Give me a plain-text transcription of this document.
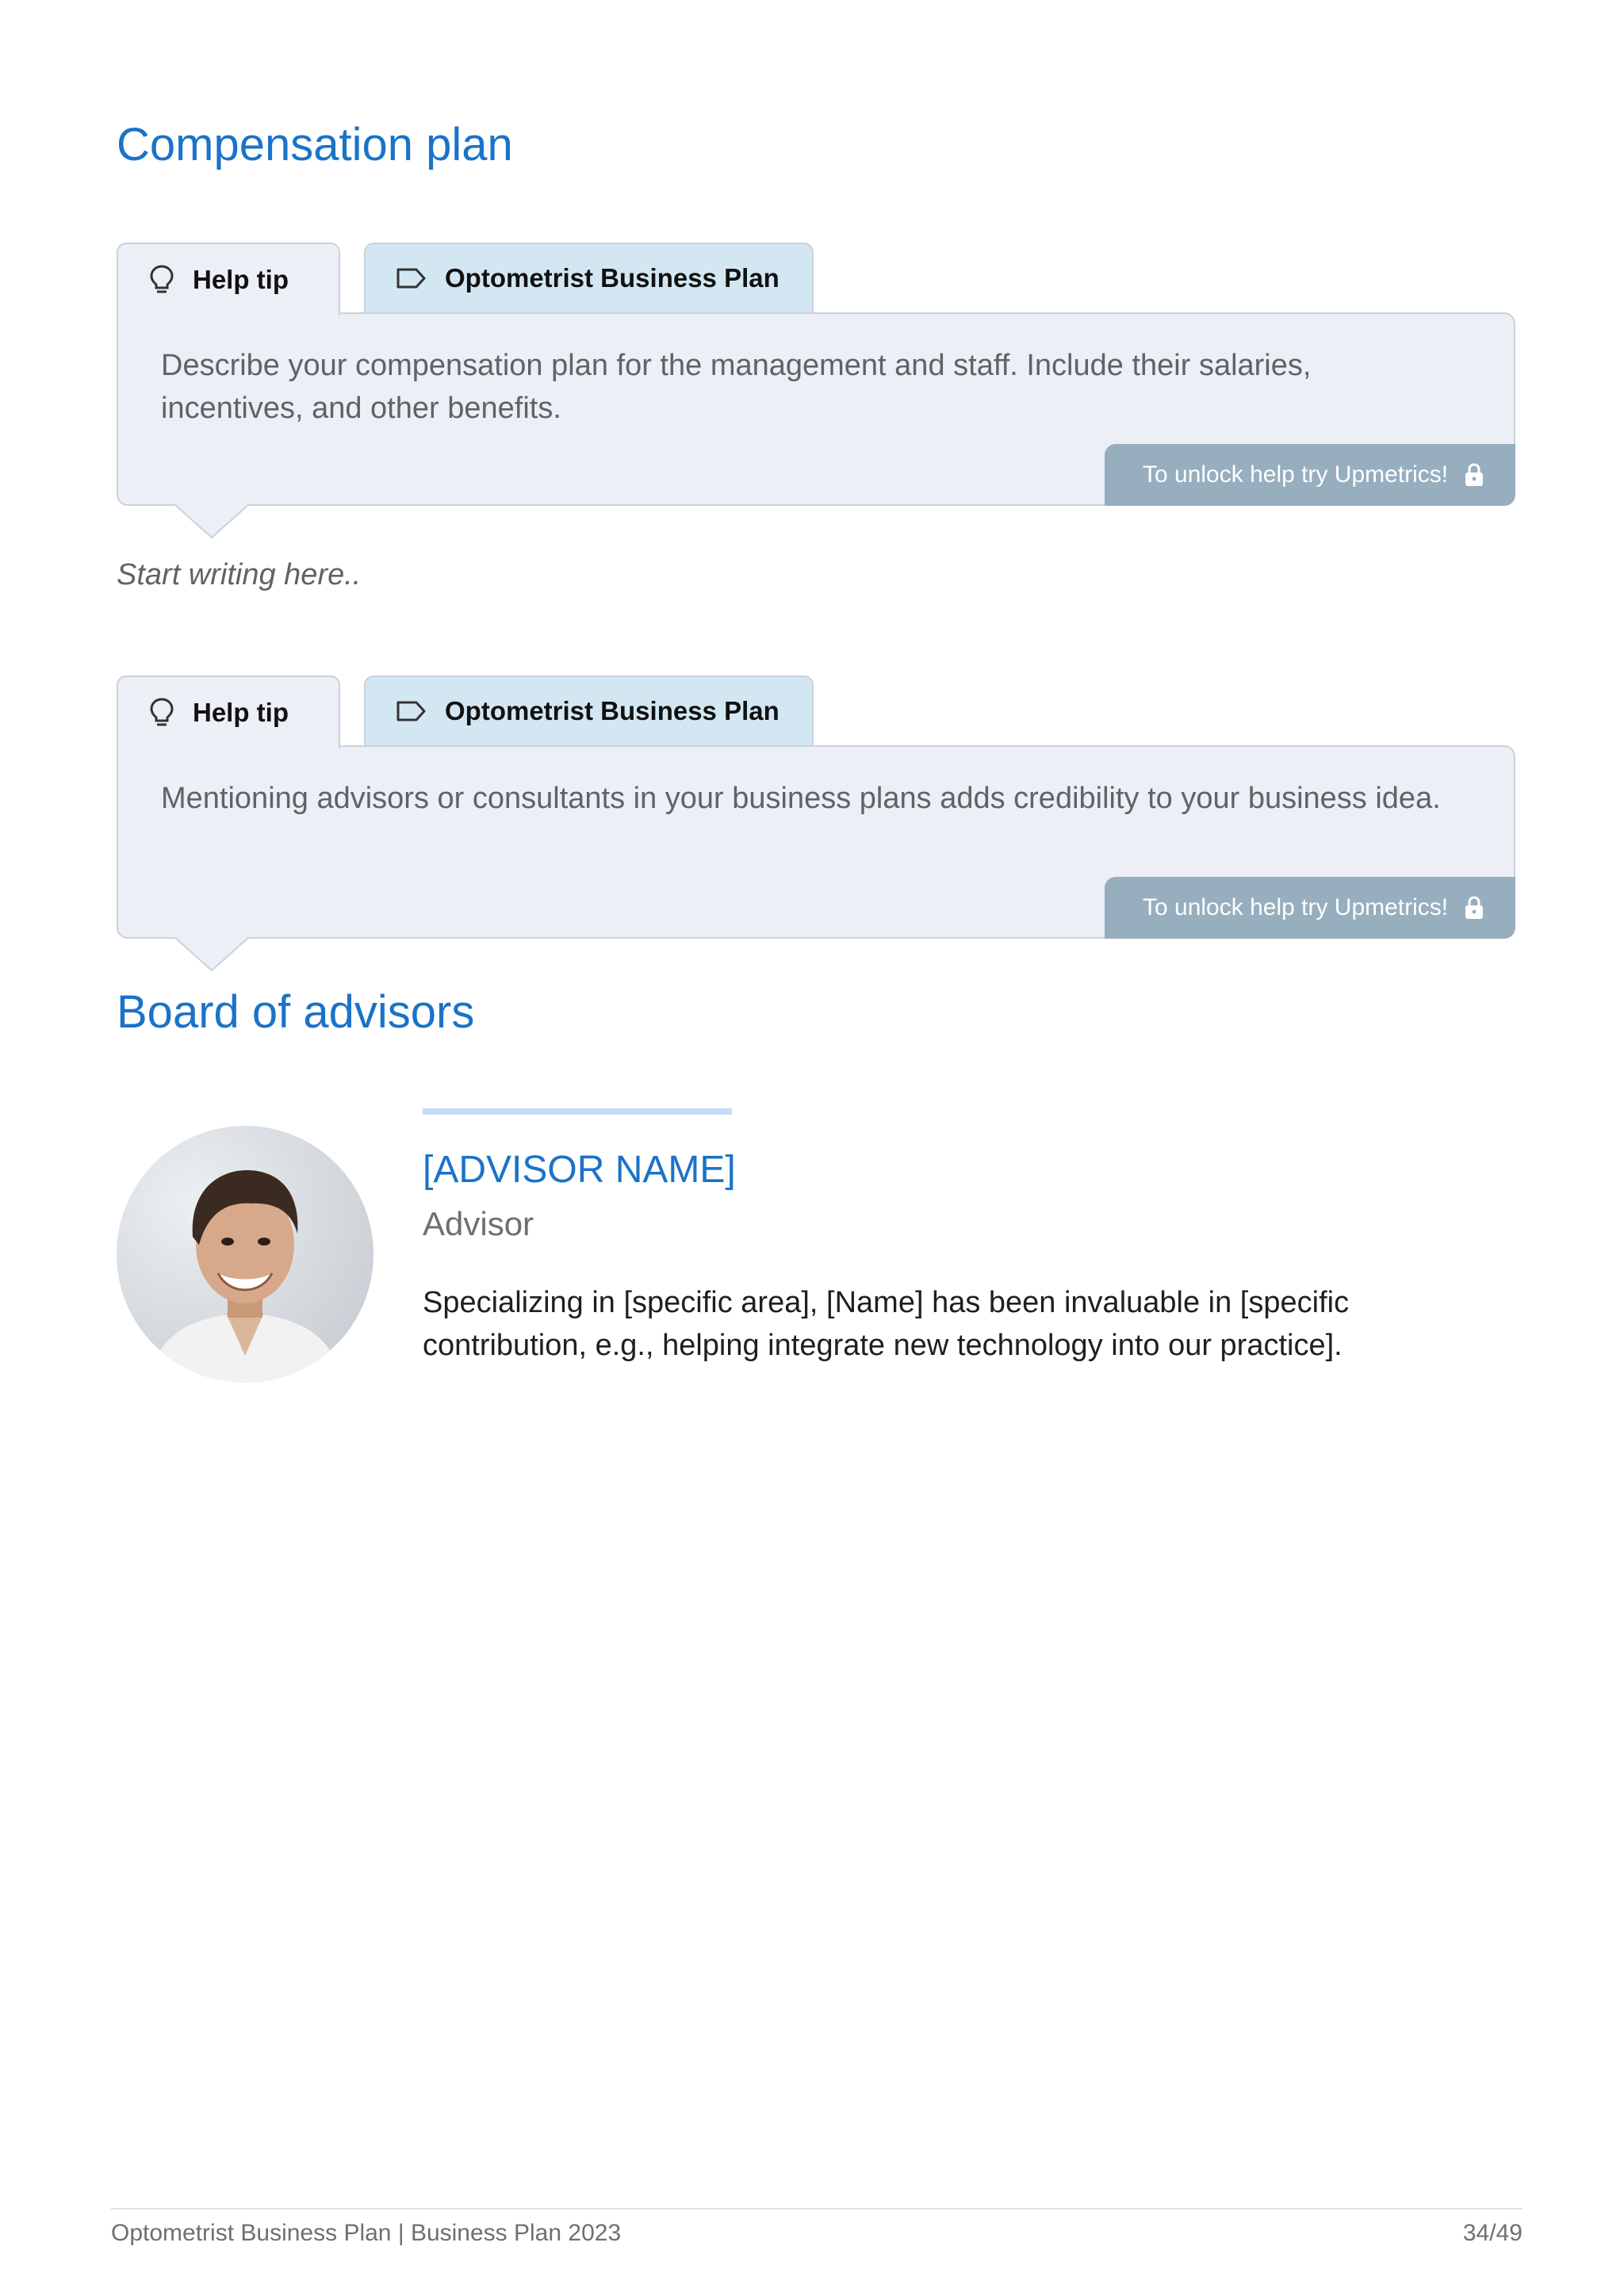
Compensation plan
Help tip	Optometrist Business Plan

Describe your compensation plan for the management and staff. Include their salaries, incentives, and other benefits.

To unlock help try Upmetrics!

Start writing here..

Help tip	Optometrist Business Plan

Mentioning advisors or consultants in your business plans adds credibility to your business idea.

To unlock help try Upmetrics!
Board of advisors

[ADVISOR NAME]

Advisor

Specializing in [specific area], [Name] has been invaluable in [specific contribution, e.g., helping integrate new technology into our practice].

Optometrist Business Plan | Business Plan 2023	34/49
